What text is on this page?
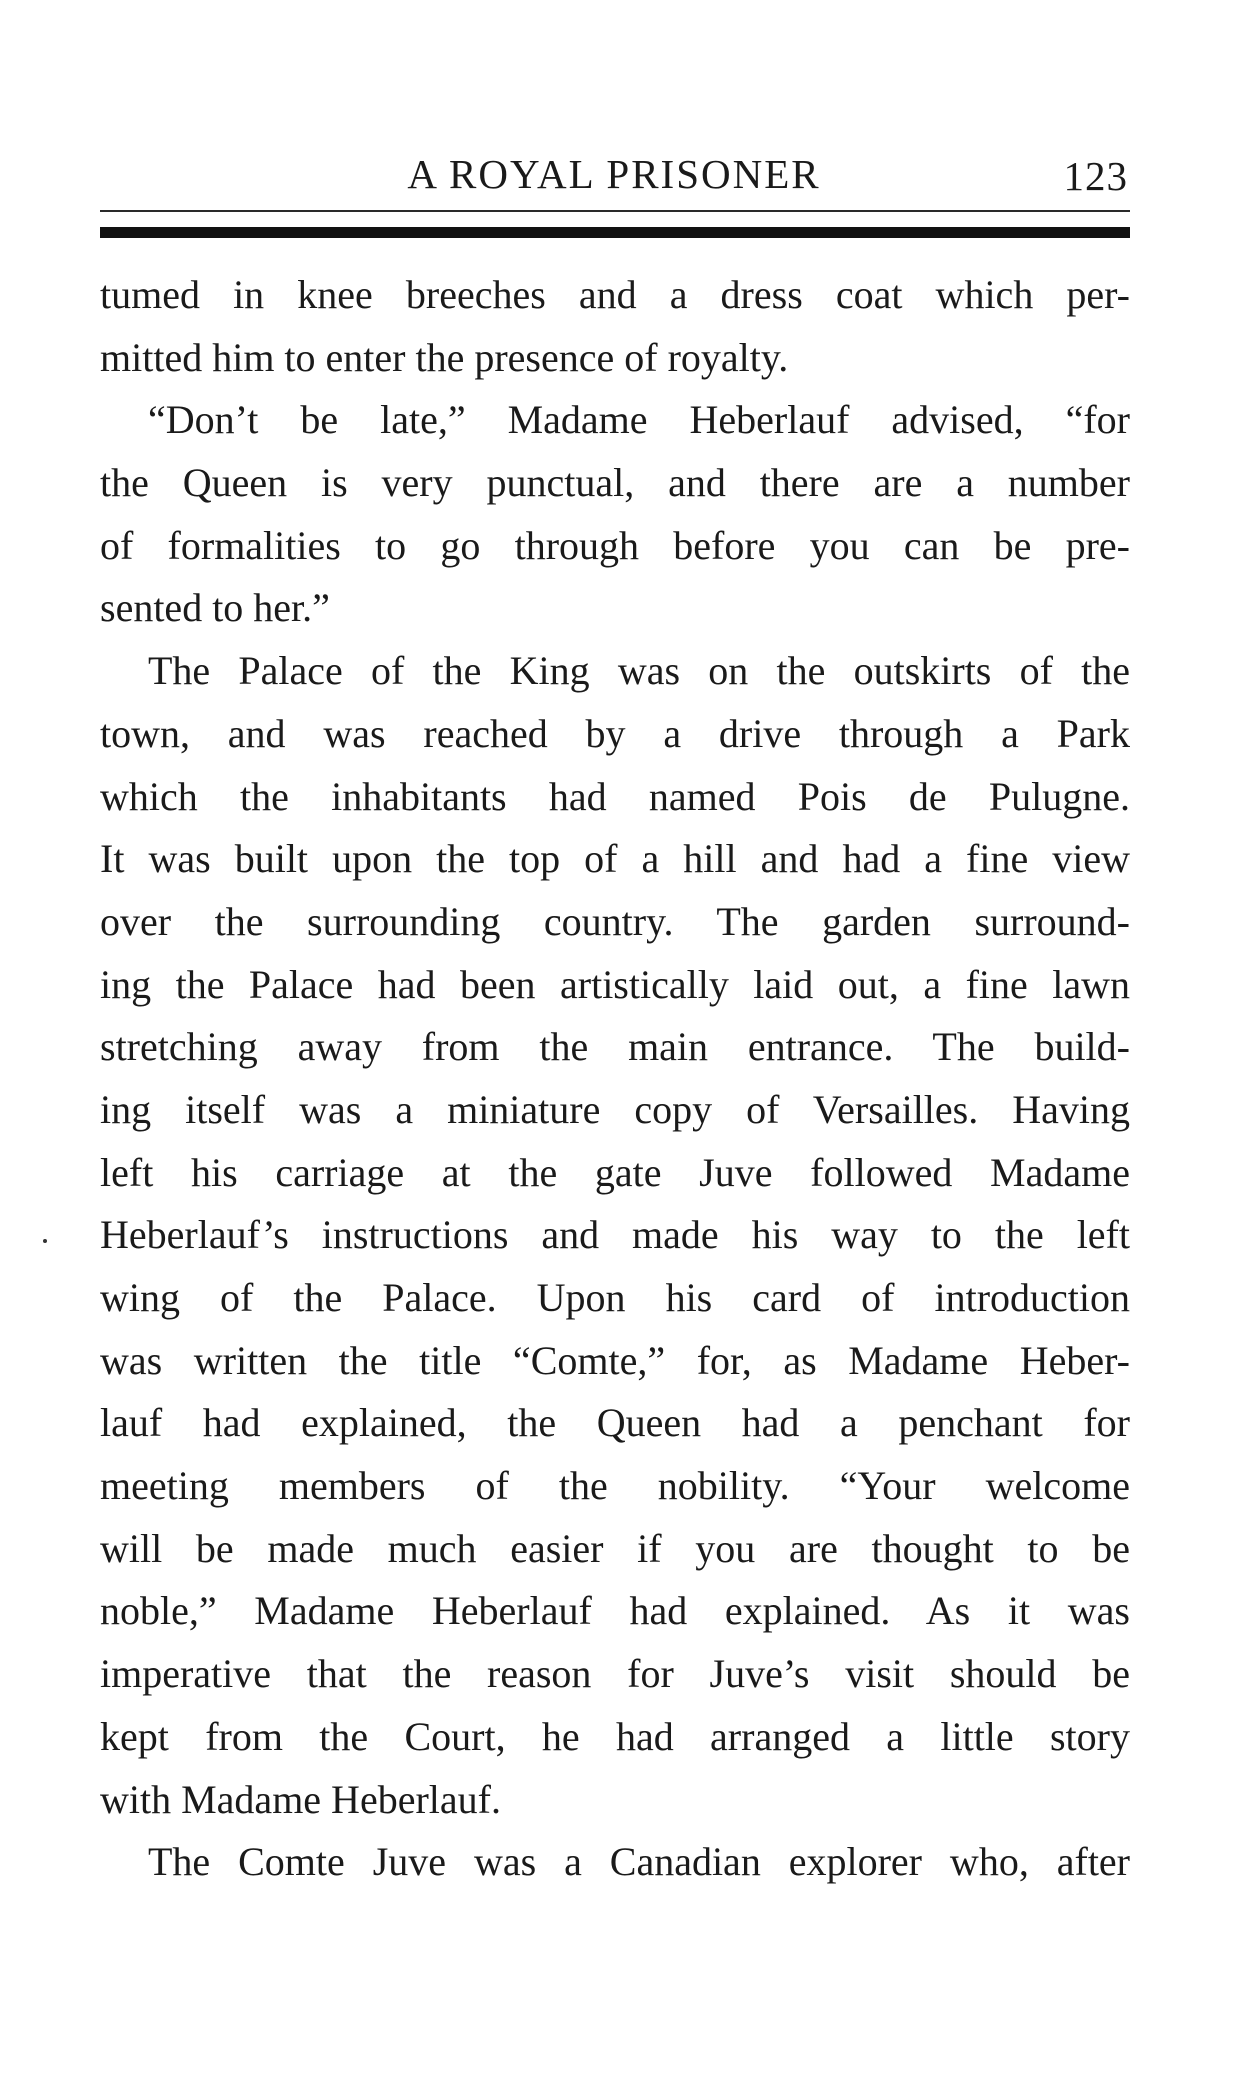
A ROYAL PRISONER	123
tumed in knee breeches and a dress coat which per-
mitted him to enter the presence of royalty.
“Don’t be late,” Madame Heberlauf advised, “for
the Queen is very punctual, and there are a number
of formalities to go through before you can be pre-
sented to her.”
The Palace of the King was on the outskirts of the
town, and was reached by a drive through a Park
which the inhabitants had named Pois de Pulugne.
It was built upon the top of a hill and had a fine view
over the surrounding country. The garden surround-
ing the Palace had been artistically laid out, a fine lawn
stretching away from the main entrance. The build-
ing itself was a miniature copy of Versailles. Having
left his carriage at the gate Juve followed Madame
Heberlauf’s instructions and made his way to the left
wing of the Palace. Upon his card of introduction
was written the title “Comte,” for, as Madame Heber-
lauf had explained, the Queen had a penchant for
meeting members of the nobility. “Your welcome
will be made much easier if you are thought to be
noble,” Madame Heberlauf had explained. As it was
imperative that the reason for Juve’s visit should be
kept from the Court, he had arranged a little story
with Madame Heberlauf.
The Comte Juve was a Canadian explorer who, after
